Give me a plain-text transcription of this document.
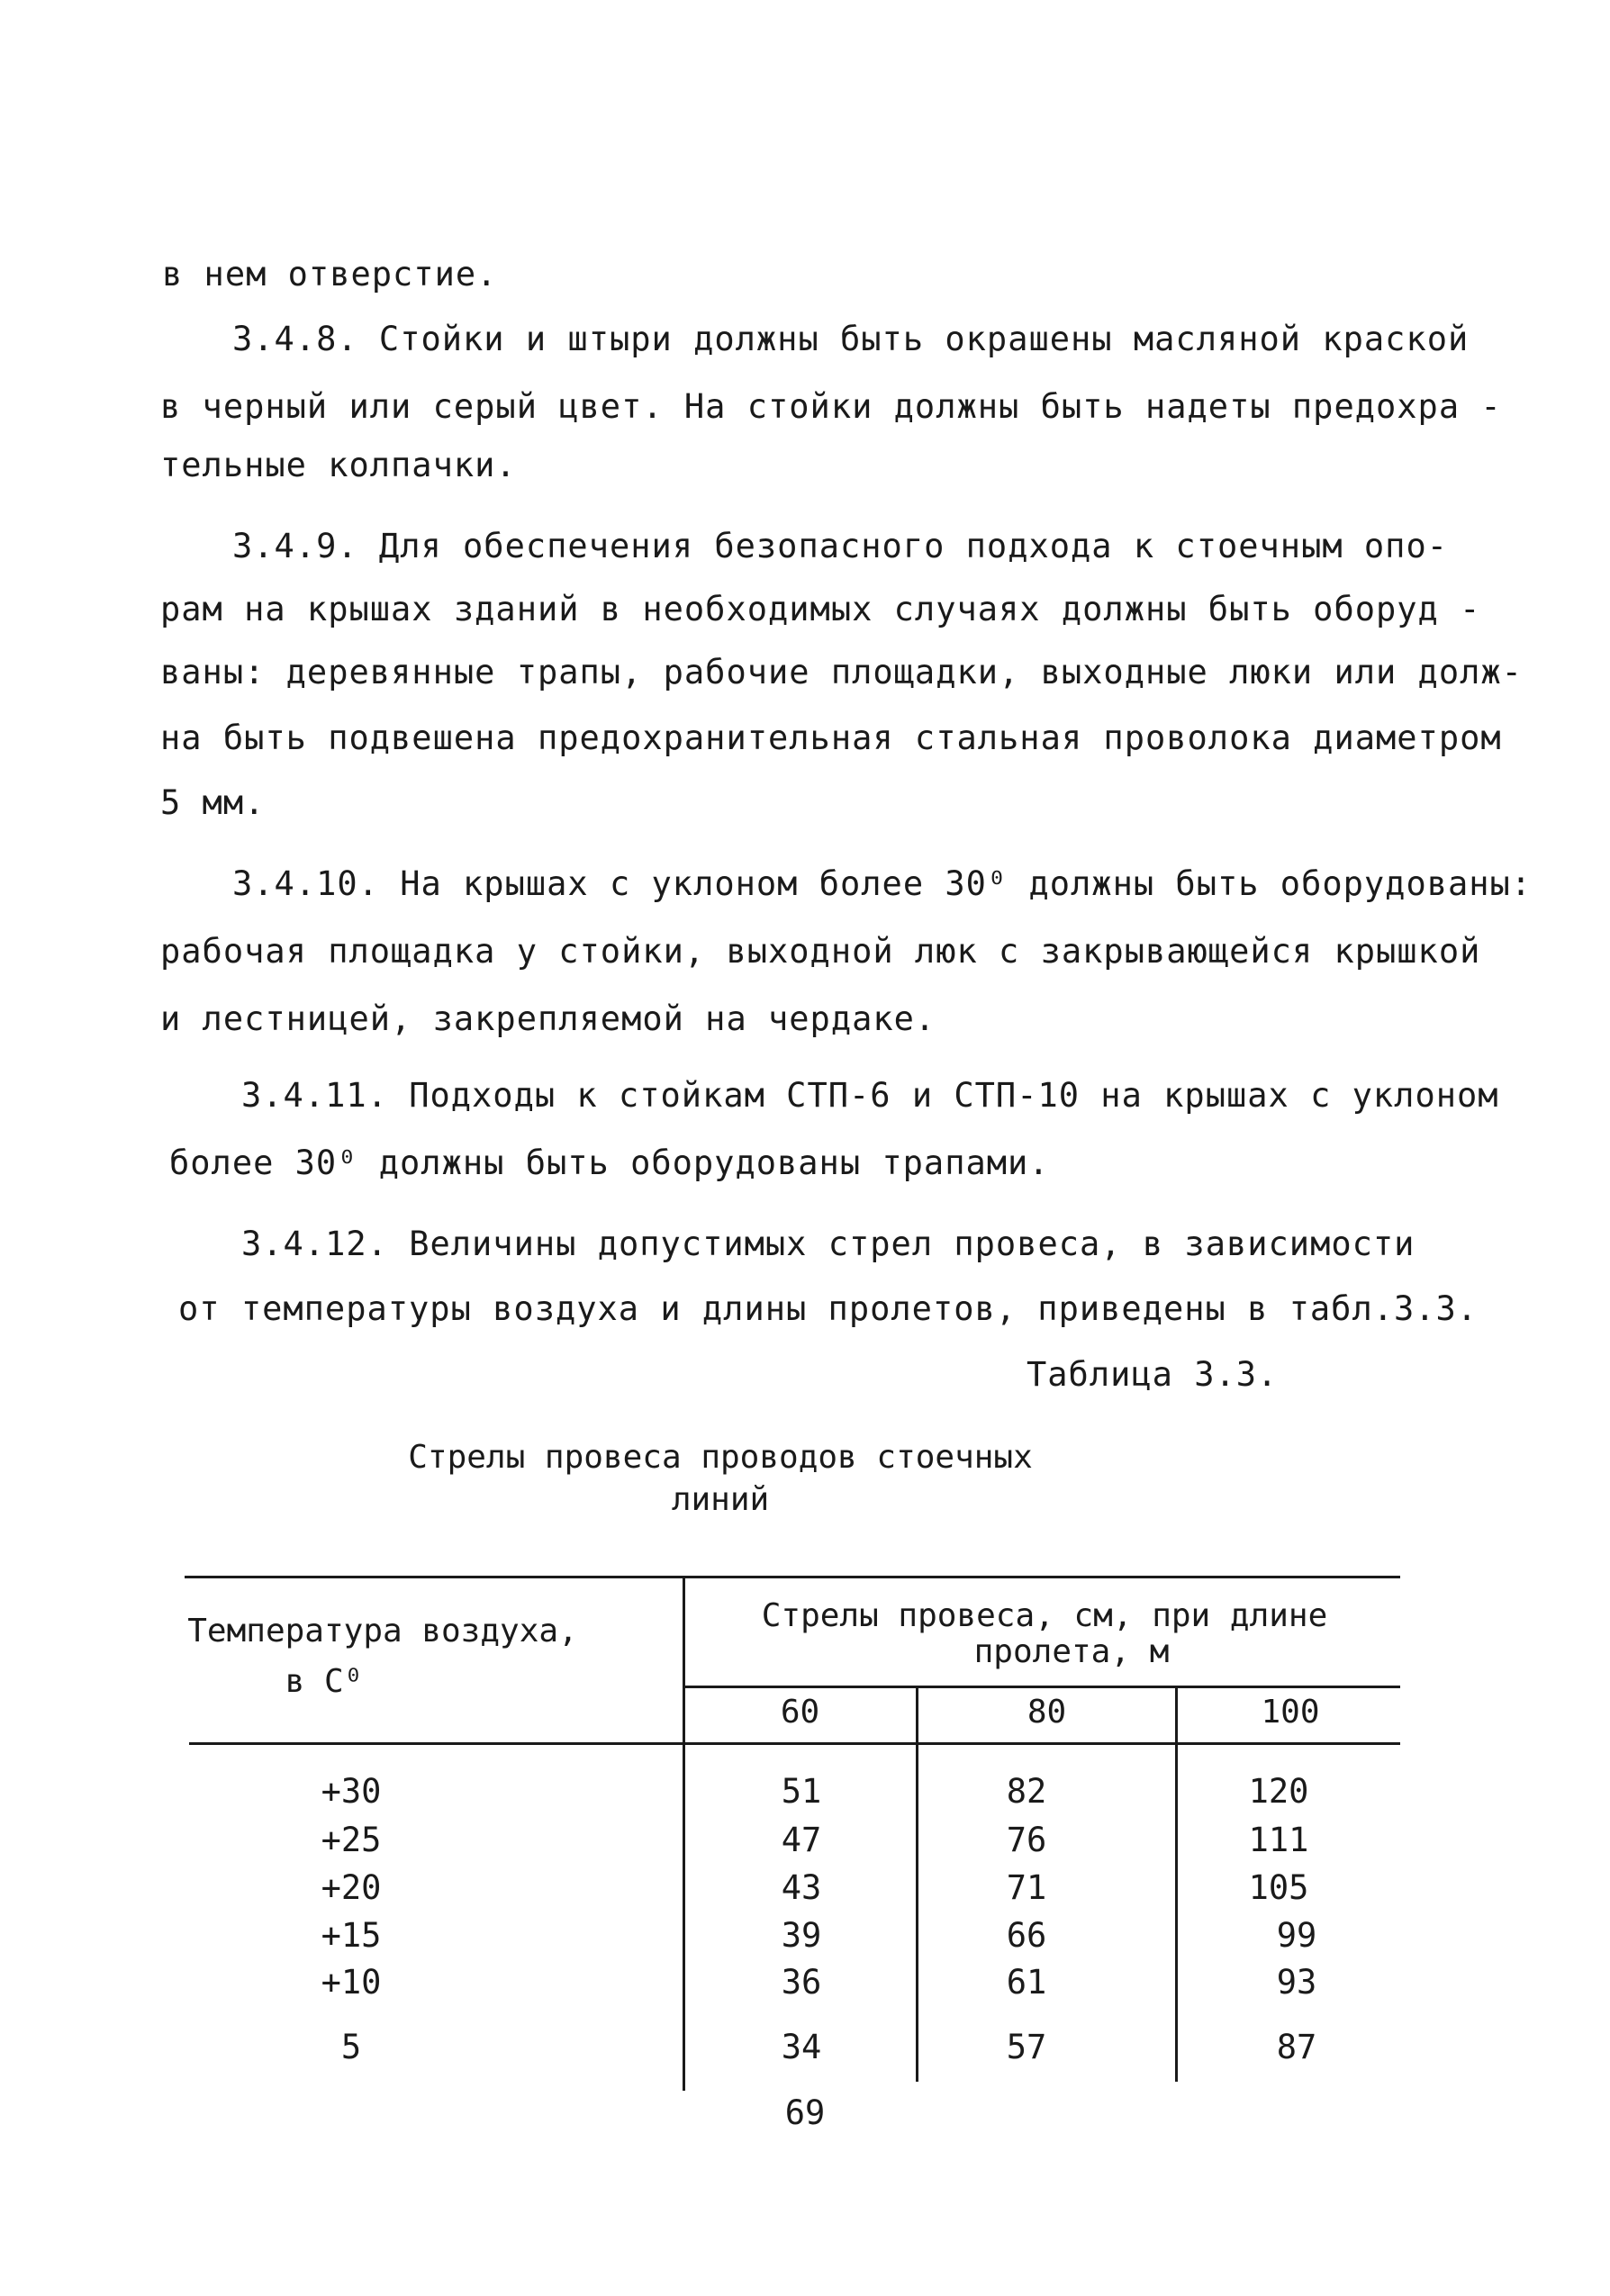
в нем отверстие.
3.4.8. Стойки и штыри должны быть окрашены масляной краской
в черный или серый цвет. На стойки должны быть надеты предохра -
тельные колпачки.
3.4.9. Для обеспечения безопасного подхода к стоечным опо-
рам на крышах зданий в необходимых случаях должны быть оборуд -
ваны: деревянные трапы, рабочие площадки, выходные люки или долж-
на быть подвешена предохранительная стальная проволока диаметром
5 мм.
3.4.10. На крышах с уклоном более 30⁰ должны быть оборудованы:
рабочая площадка у стойки, выходной люк с закрывающейся крышкой
и лестницей, закрепляемой на чердаке.
3.4.11. Подходы к стойкам СТП-6 и СТП-10 на крышах с уклоном
более 30⁰ должны быть оборудованы трапами.
3.4.12. Величины допустимых стрел провеса, в зависимости
от температуры воздуха и длины пролетов, приведены в табл.3.3.
Таблица 3.3.
Стрелы провеса проводов стоечных
линий
Температура воздуха,
в С⁰
Стрелы провеса, см, при длине
пролета, м
60	80	100
+30	51	82	120
+25	47	76	111
+20	43	71	105
+15	39	66	99
+10	36	61	93
5	34	57	87
69
